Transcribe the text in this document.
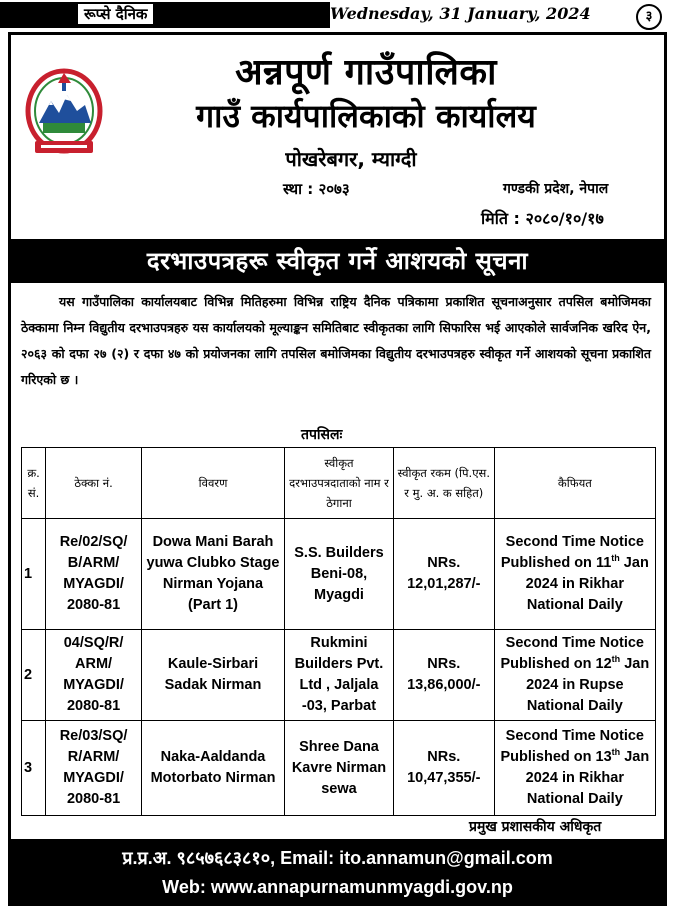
रूप्से दैनिक	Wednesday, 31 January, 2024	३
अन्नपूर्ण गाउँपालिका
गाउँ कार्यपालिकाको कार्यालय
पोखरेबगर, म्याग्दी
स्था : २०७३	गण्डकी प्रदेश, नेपाल
मिति : २०८०/१०/१७
दरभाउपत्रहरू स्वीकृत गर्ने आशयको सूचना
यस गाउँपालिका कार्यालयबाट विभिन्न मितिहरुमा विभिन्न राष्ट्रिय दैनिक पत्रिकामा प्रकाशित सूचनाअनुसार तपसिल बमोजिमका ठेक्कामा निम्न विद्युतीय दरभाउपत्रहरु यस कार्यालयको मूल्याङ्कन समितिबाट स्वीकृतका लागि सिफारिस भई आएकोले सार्वजनिक खरिद ऐन, २०६३ को दफा २७ (२) र दफा ४७ को प्रयोजनका लागि तपसिल बमोजिमका विद्युतीय दरभाउपत्रहरु स्वीकृत गर्ने आशयको सूचना प्रकाशित गरिएको छ ।
तपसिलः
क्र. सं.	ठेक्का नं.	विवरण	स्वीकृत दरभाउपत्रदाताको नाम र ठेगाना	स्वीकृत रकम (पि.एस. र मु. अ. क सहित)	कैफियत
1	Re/02/SQ/ B/ARM/ MYAGDI/ 2080-81	Dowa Mani Barah yuwa Clubko Stage Nirman Yojana (Part 1)	S.S. Builders Beni-08, Myagdi	NRs. 12,01,287/-	Second Time Notice Published on 11th Jan 2024 in Rikhar National Daily
2	04/SQ/R/ ARM/ MYAGDI/ 2080-81	Kaule-Sirbari Sadak Nirman	Rukmini Builders Pvt. Ltd , Jaljala -03, Parbat	NRs. 13,86,000/-	Second Time Notice Published on 12th Jan 2024 in Rupse National Daily
3	Re/03/SQ/ R/ARM/ MYAGDI/ 2080-81	Naka-Aaldanda Motorbato Nirman	Shree Dana Kavre Nirman sewa	NRs. 10,47,355/-	Second Time Notice Published on 13th Jan 2024 in Rikhar National Daily
प्रमुख प्रशासकीय अधिकृत
प्र.प्र.अ. ९८५७६८३८१०, Email: ito.annamun@gmail.com
Web: www.annapurnamunmyagdi.gov.np
